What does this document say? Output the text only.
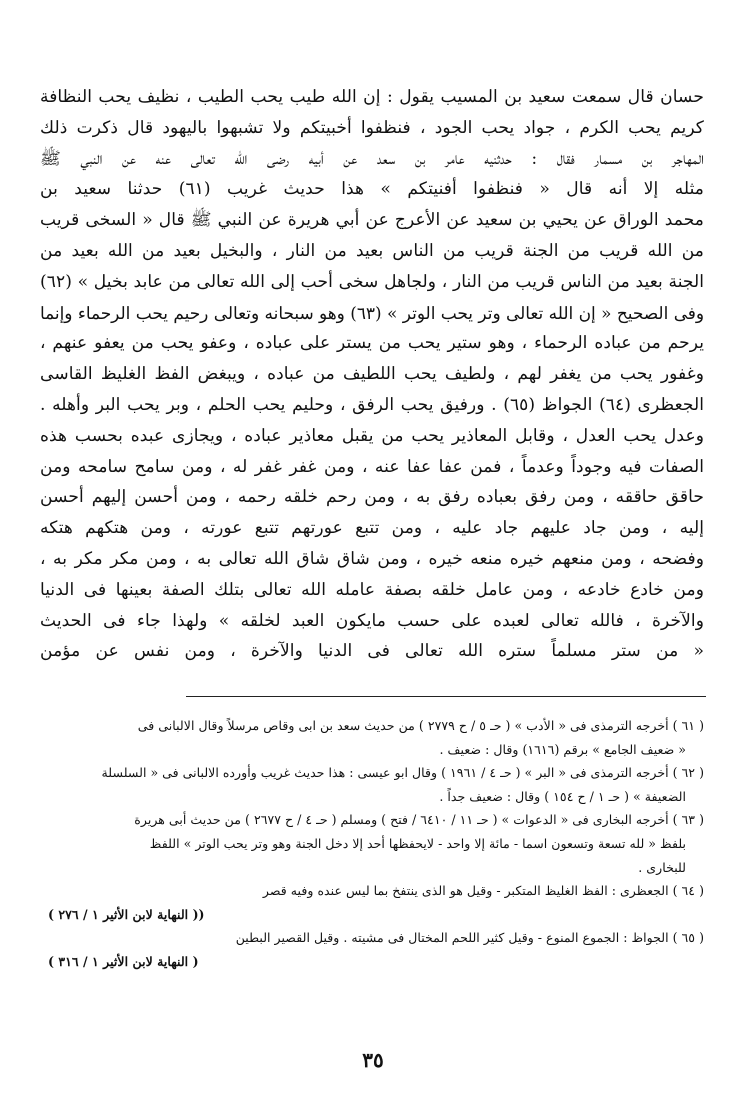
حسان قال سمعت سعيد بن المسيب يقول : إن الله طيب يحب الطيب ، نظيف يحب النظافة
كريم يحب الكرم ، جواد يحب الجود ، فنظفوا أخبيتكم ولا تشبهوا باليهود قال ذكرت ذلك
المهاجر بن مسمار فقال : حدثنيه عامر بن سعد عن أبيه رضى الله تعالى عنه عن النبي ﷺ
مثله إلا أنه قال « فنظفوا أفنيتكم » هذا حديث غريب (٦١) حدثنا سعيد بن
محمد الوراق عن يحيي بن سعيد عن الأعرج عن أبي هريرة عن النبي ﷺ قال « السخى قريب
من الله قريب من الجنة قريب من الناس بعيد من النار ، والبخيل بعيد من الله بعيد من
الجنة بعيد من الناس قريب من النار ، ولجاهل سخى أحب إلى الله تعالى من عابد بخيل » (٦٢)
وفى الصحيح « إن الله تعالى وتر يحب الوتر » (٦٣) وهو سبحانه وتعالى رحيم يحب الرحماء وإنما
يرحم من عباده الرحماء ، وهو ستير يحب من يستر على عباده ، وعفو يحب من يعفو عنهم ،
وغفور يحب من يغفر لهم ، ولطيف يحب اللطيف من عباده ، ويبغض الفظ الغليظ القاسى
الجعظرى (٦٤) الجواظ (٦٥) . ورفيق يحب الرفق ، وحليم يحب الحلم ، وبر يحب البر وأهله .
وعدل يحب العدل ، وقابل المعاذير يحب من يقبل معاذير عباده ، ويجازى عبده بحسب هذه
الصفات فيه وجوداً وعدماً ، فمن عفا عفا عنه ، ومن غفر غفر له ، ومن سامح سامحه ومن
حاقق حاققه ، ومن رفق بعباده رفق به ، ومن رحم خلقه رحمه ، ومن أحسن إليهم أحسن
إليه ، ومن جاد عليهم جاد عليه ، ومن تتبع عورتهم تتبع عورته ، ومن هتكهم هتكه
وفضحه ، ومن منعهم خيره منعه خيره ، ومن شاق شاق الله تعالى به ، ومن مكر مكر به ،
ومن خادع خادعه ، ومن عامل خلقه بصفة عامله الله تعالى بتلك الصفة بعينها فى الدنيا
والآخرة ، فالله تعالى لعبده على حسب مايكون العبد لخلقه » ولهذا جاء فى الحديث
« من ستر مسلماً ستره الله تعالى فى الدنيا والآخرة ، ومن نفس عن مؤمن
( ٦١ ) أخرجه الترمذى فى « الأدب » ( حـ ٥ / ح ٢٧٧٩ ) من حديث سعد بن ابى وقاص مرسلاً وقال الالبانى فى
« ضعيف الجامع » برقم (١٦١٦) وقال : ضعيف .
( ٦٢ ) أخرجه الترمذى فى « البر » ( حـ ٤ / ١٩٦١ ) وقال ابو عيسى : هذا حديث غريب وأورده الالبانى فى « السلسلة
الضعيفة » ( حـ ١ / ح ١٥٤ ) وقال : ضعيف جداً .
( ٦٣ ) أخرجه البخارى فى « الدعوات » ( حـ ١١ / ٦٤١٠ / فتح ) ومسلم ( حـ ٤ / ح ٢٦٧٧ ) من حديث أبى هريرة
بلفظ « لله تسعة وتسعون اسما - مائة إلا واحد - لايحفظها أحد إلا دخل الجنة وهو وتر يحب الوتر » اللفظ
للبخارى .
( ٦٤ ) الجعظرى : الفظ الغليظ المتكبر - وقيل هو الذى ينتفخ بما ليس عنده وفيه قصر
(( النهاية لابن الأثير ١ / ٢٧٦ )
( ٦٥ ) الجواظ : الجموع المنوع - وقيل كثير اللحم المختال فى مشيته . وقيل القصير البطين
( النهاية لابن الأثير ١ / ٣١٦ )
٣٥
